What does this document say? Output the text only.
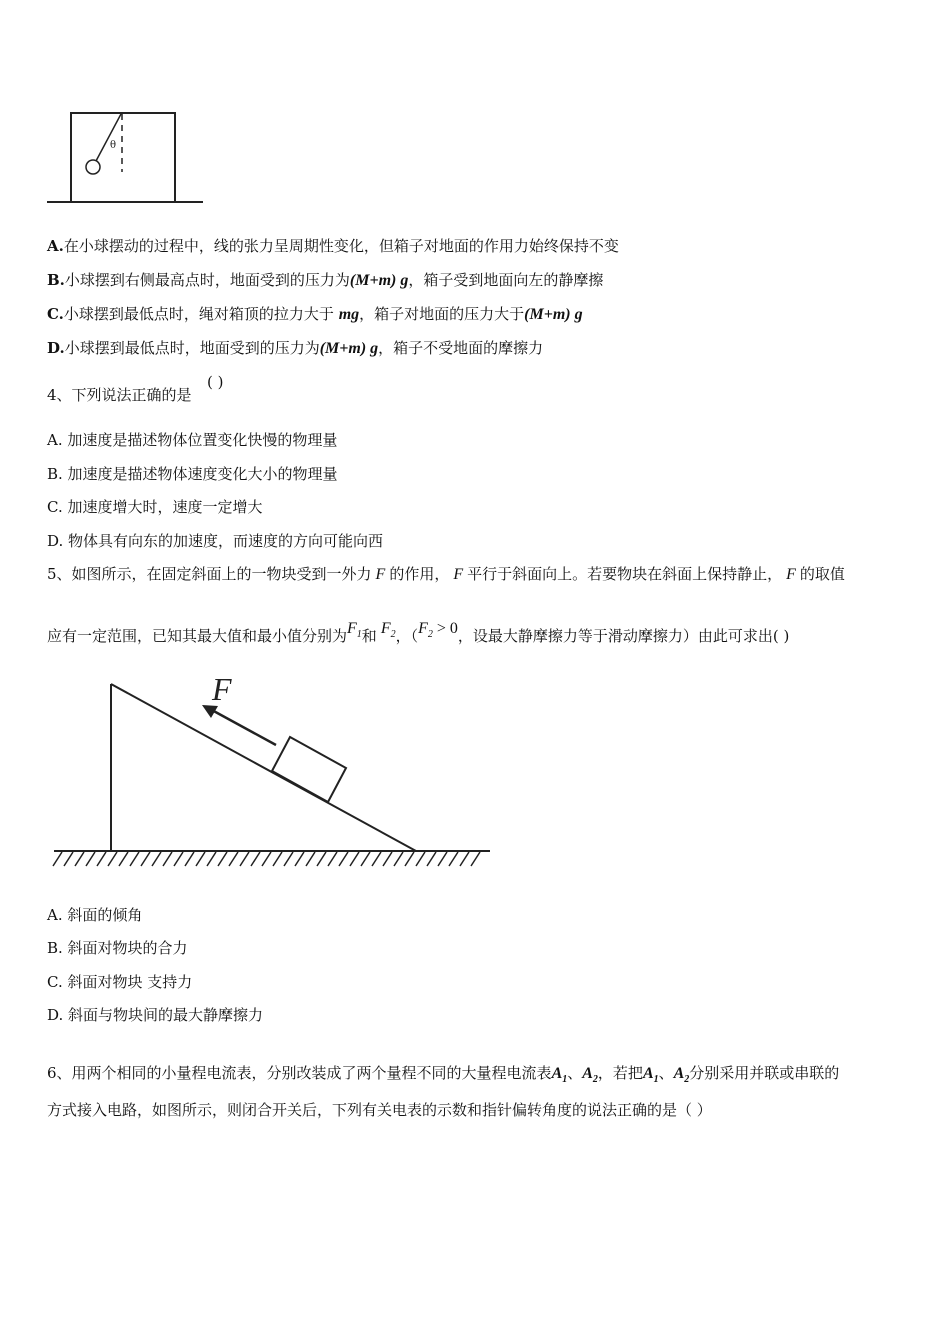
θ
A.在小球摆动的过程中，线的张力呈周期性变化，但箱子对地面的作用力始终保持不变
B.小球摆到右侧最高点时，地面受到的压力为(M+m) g，箱子受到地面向左的静摩擦
C.小球摆到最低点时，绳对箱顶的拉力大于 mg，箱子对地面的压力大于(M+m) g
D.小球摆到最低点时，地面受到的压力为(M+m) g，箱子不受地面的摩擦力
4、下列说法正确的是
( )
A. 加速度是描述物体位置变化快慢的物理量
B. 加速度是描述物体速度变化大小的物理量
C. 加速度增大时，速度一定增大
D. 物体具有向东的加速度，而速度的方向可能向西
5、如图所示，在固定斜面上的一物块受到一外力 F 的作用， F 平行于斜面向上。若要物块在斜面上保持静止， F 的取值
应有一定范围，已知其最大值和最小值分别为$F_1$和 $F_2$，（$F_2 > 0$，设最大静摩擦力等于滑动摩擦力）由此可求出( )
F
A. 斜面的倾角
B. 斜面对物块的合力
C. 斜面对物块 支持力
D. 斜面与物块间的最大静摩擦力
6、用两个相同的小量程电流表，分别改装成了两个量程不同的大量程电流表$A_1$、$A_2$，若把$A_1$、$A_2$分别采用并联或串联的
方式接入电路，如图所示，则闭合开关后，下列有关电表的示数和指针偏转角度的说法正确的是（ ）
